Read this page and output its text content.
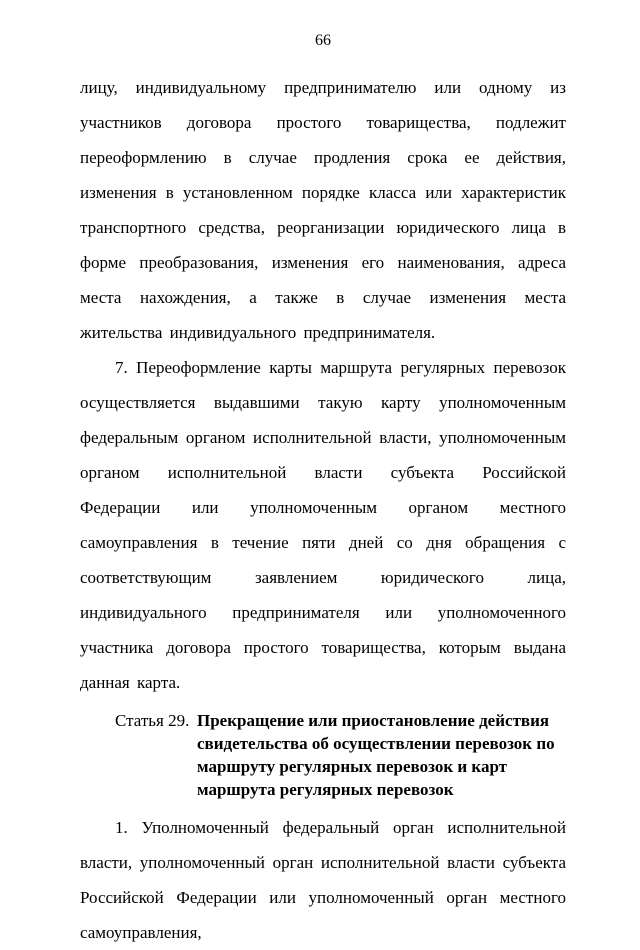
66

лицу, индивидуальному предпринимателю или одному из участников договора простого товарищества, подлежит переоформлению в случае продления срока ее действия, изменения в установленном порядке класса или характеристик транспортного средства, реорганизации юридического лица в форме преобразования, изменения его наименования, адреса места нахождения, а также в случае изменения места жительства индивидуального предпринимателя.

7. Переоформление карты маршрута регулярных перевозок осуществляется выдавшими такую карту уполномоченным федеральным органом исполнительной власти, уполномоченным органом исполнительной власти субъекта Российской Федерации или уполномоченным органом местного самоуправления в течение пяти дней со дня обращения с соответствующим заявлением юридического лица, индивидуального предпринимателя или уполномоченного участника договора простого товарищества, которым выдана данная карта.

Статья 29. Прекращение или приостановление действия свидетельства об осуществлении перевозок по маршруту регулярных перевозок и карт маршрута регулярных перевозок

1. Уполномоченный федеральный орган исполнительной власти, уполномоченный орган исполнительной власти субъекта Российской Федерации или уполномоченный орган местного самоуправления,
